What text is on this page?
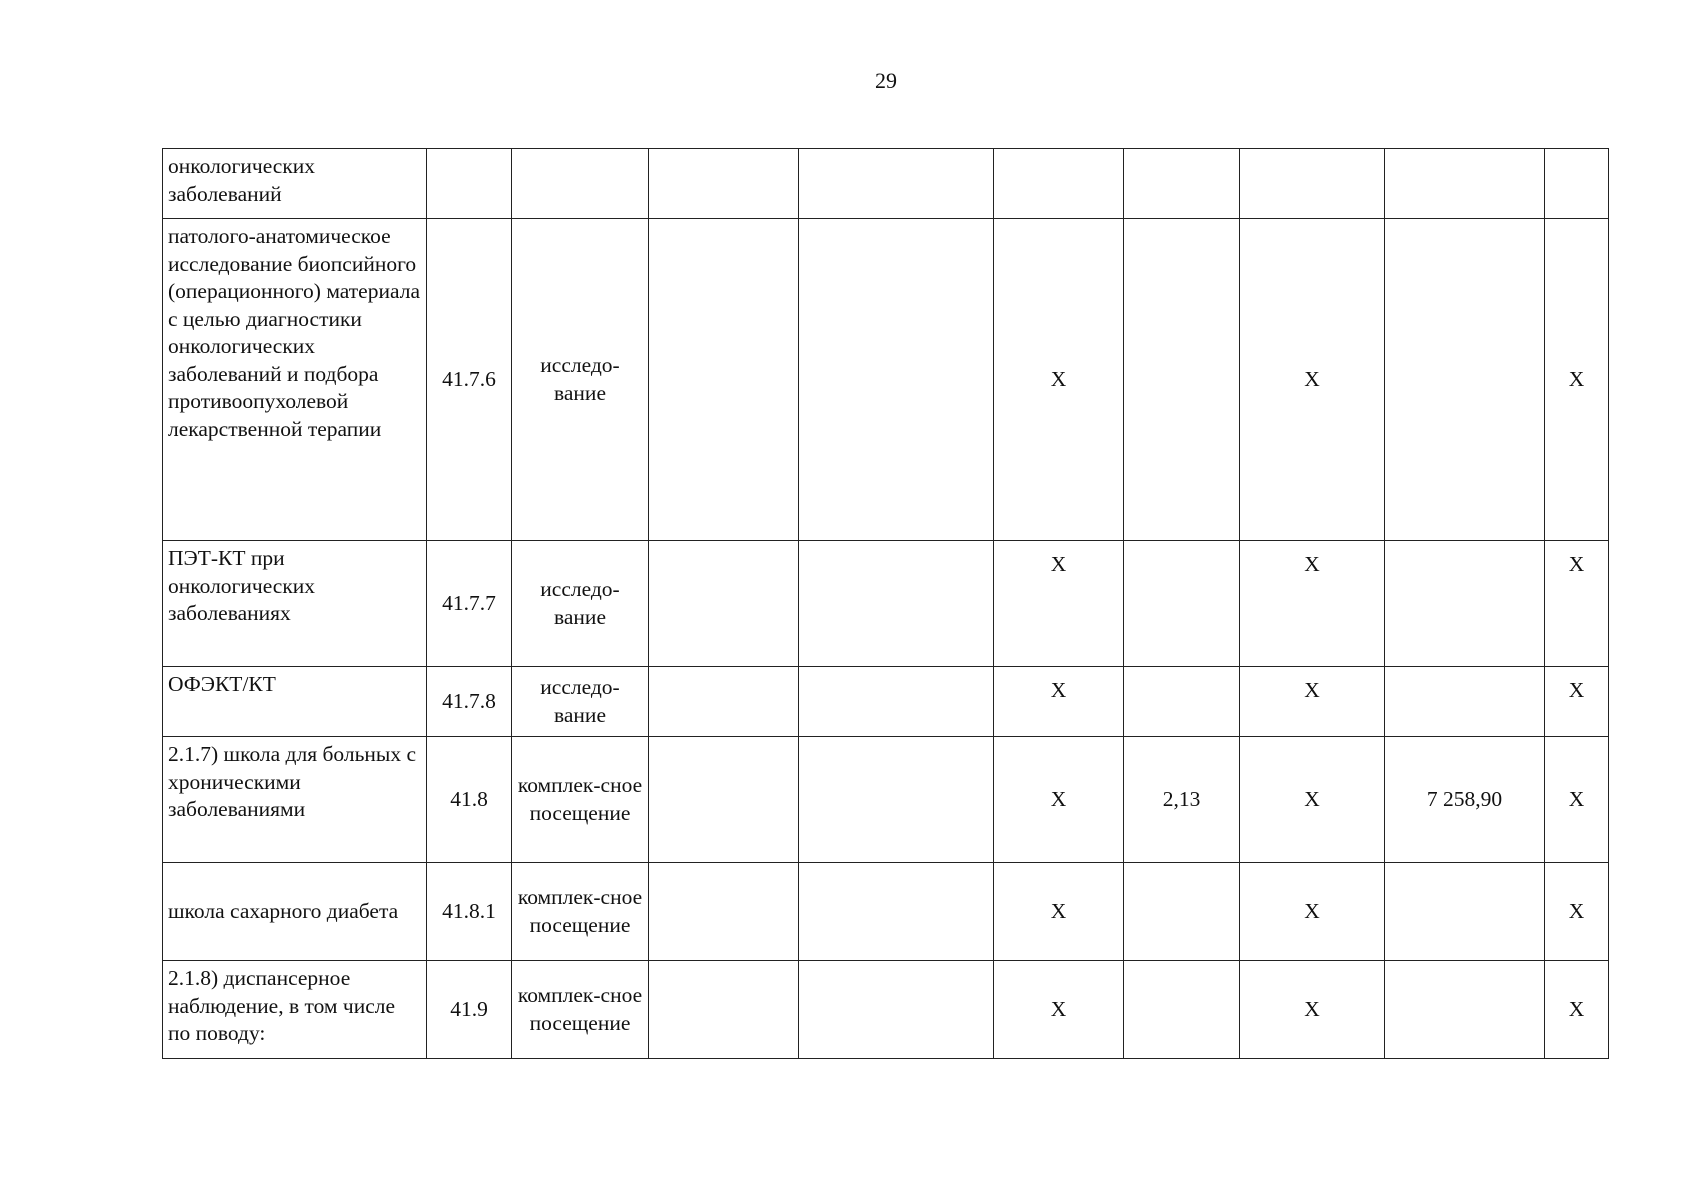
29
онкологических заболеваний									
патолого-анатомическое исследование биопсийного (операционного) материала с целью диагностики онкологических заболеваний и подбора противоопухолевой лекарственной терапии	41.7.6	исследо-вание			X		X		X
ПЭТ-КТ при онкологических заболеваниях	41.7.7	исследо-вание			X		X		X
ОФЭКТ/КТ	41.7.8	исследо-вание			X		X		X
2.1.7) школа для больных с хроническими заболеваниями	41.8	комплек-сное посещение			X	2,13	X	7 258,90	X
школа сахарного диабета	41.8.1	комплек-сное посещение			X		X		X
2.1.8) диспансерное наблюдение, в том числе по поводу:	41.9	комплек-сное посещение			X		X		X
